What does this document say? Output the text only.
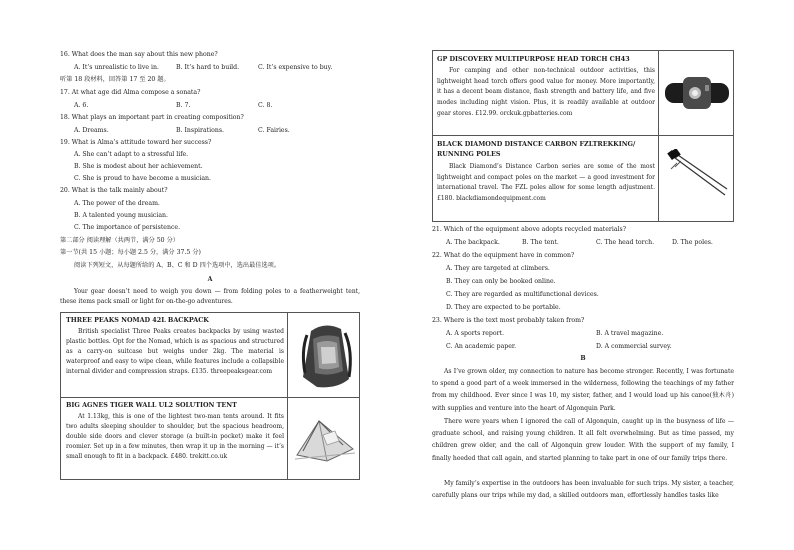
16. What does the man say about this new phone?
A. It’s unrealistic to live in.	B. It’s hard to build.	C. It’s expensive to buy.
听第 18 段材料，回答第 17 至 20 题。
17. At what age did Alma compose a sonata?
A. 6.	B. 7.	C. 8.
18. What plays an important part in creating composition?
A. Dreams.	B. Inspirations.	C. Fairies.
19. What is Alma’s attitude toward her success?
A. She can’t adapt to a stressful life.
B. She is modest about her achievement.
C. She is proud to have become a musician.
20. What is the talk mainly about?
A. The power of the dream.
B. A talented young musician.
C. The importance of persistence.
第二部分 阅读理解（共两节，满分 50 分）
第一节(共 15 小题；每小题 2.5 分，满分 37.5 分)
阅读下列短文，从每题所给的 A、B、C 和 D 四个选项中，选出最佳选项。
A
Your gear doesn’t need to weigh you down — from folding poles to a featherweight tent, these items pack small or light for on-the-go adventures.
THREE PEAKS NOMAD 42L BACKPACK
British specialist Three Peaks creates backpacks by using wasted plastic bottles. Opt for the Nomad, which is as spacious and structured as a carry-on suitcase but weighs under 2kg. The material is waterproof and easy to wipe clean, while features include a collapsible internal divider and compression straps. £135. threepeaksgear.com
BIG AGNES TIGER WALL UL2 SOLUTION TENT
At 1.13kg, this is one of the lightest two-man tents around. It fits two adults sleeping shoulder to shoulder, but the spacious headroom, double side doors and clever storage (a built-in pocket) make it feel roomier. Set up in a few minutes, then wrap it up in the morning — it’s small enough to fit in a backpack. £480. trekitt.co.uk
GP DISCOVERY MULTIPURPOSE HEAD TORCH CH43
For camping and other non-technical outdoor activities, this lightweight head torch offers good value for money. More importantly, it has a decent beam distance, flash strength and battery life, and five modes including night vision. Plus, it is readily available at outdoor gear stores. £12.99. orckuk.gpbatteries.com
BLACK DIAMOND DISTANCE CARBON FZLTREKKING/ RUNNING POLES
Black Diamond’s Distance Carbon series are some of the most lightweight and compact poles on the market — a good investment for international travel. The FZL poles allow for some length adjustment. £180. blackdiamondequipment.com
21. Which of the equipment above adopts recycled materials?
A. The backpack.	B. The tent.	C. The head torch.	D. The poles.
22. What do the equipment have in common?
A. They are targeted at climbers.
B. They can only be booked online.
C. They are regarded as multifunctional devices.
D. They are expected to be portable.
23. Where is the text most probably taken from?
A. A sports report.	B. A travel magazine.
C. An academic paper.	D. A commercial survey.
B
As I’ve grown older, my connection to nature has become stronger. Recently, I was fortunate to spend a good part of a week immersed in the wilderness, following the teachings of my father from my childhood. Ever since I was 10, my sister, father, and I would load up his canoe(独木舟) with supplies and venture into the heart of Algonquin Park.
There were years when I ignored the call of Algonquin, caught up in the busyness of life — graduate school, and raising young children. It all felt overwhelming. But as time passed, my children grew older, and the call of Algonquin grew louder. With the support of my family, I finally heeded that call again, and started planning to take part in one of our family trips there.
My family’s expertise in the outdoors has been invaluable for such trips. My sister, a teacher, carefully plans our trips while my dad, a skilled outdoors man, effortlessly handles tasks like
